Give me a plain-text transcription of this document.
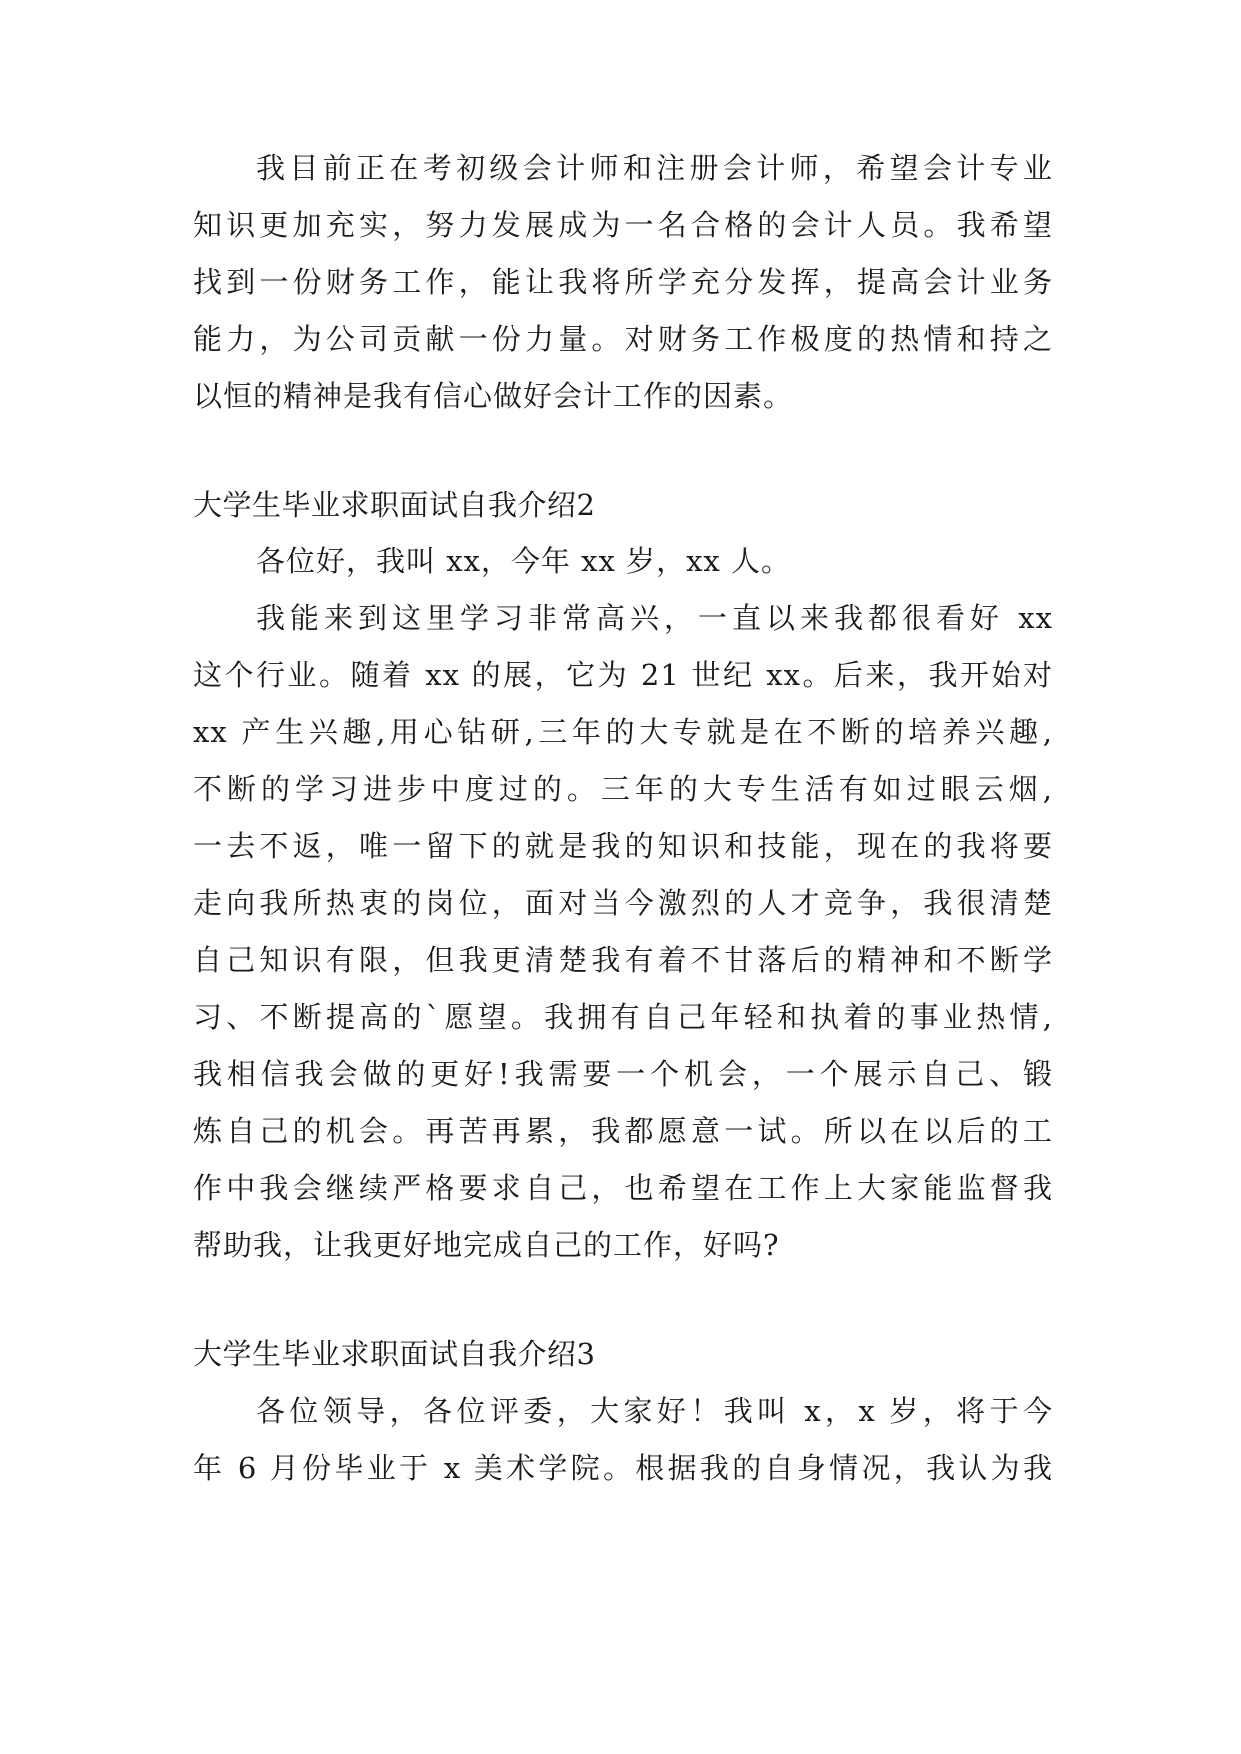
我目前正在考初级会计师和注册会计师，希望会计专业
知识更加充实，努力发展成为一名合格的会计人员。我希望
找到一份财务工作，能让我将所学充分发挥，提高会计业务
能力，为公司贡献一份力量。对财务工作极度的热情和持之
以恒的精神是我有信心做好会计工作的因素。
大学生毕业求职面试自我介绍2
各位好，我叫 xx，今年 xx 岁，xx 人。
我能来到这里学习非常高兴，一直以来我都很看好 xx
这个行业。随着 xx 的展，它为 21 世纪 xx。后来，我开始对
xx 产生兴趣,用心钻研,三年的大专就是在不断的培养兴趣,
不断的学习进步中度过的。三年的大专生活有如过眼云烟,
一去不返，唯一留下的就是我的知识和技能，现在的我将要
走向我所热衷的岗位，面对当今激烈的人才竞争，我很清楚
自己知识有限，但我更清楚我有着不甘落后的精神和不断学
习、不断提高的`愿望。我拥有自己年轻和执着的事业热情,
我相信我会做的更好!我需要一个机会，一个展示自己、锻
炼自己的机会。再苦再累，我都愿意一试。所以在以后的工
作中我会继续严格要求自己，也希望在工作上大家能监督我
帮助我，让我更好地完成自己的工作，好吗?
大学生毕业求职面试自我介绍3
各位领导，各位评委，大家好！我叫 x，x 岁，将于今
年 6 月份毕业于 x 美术学院。根据我的自身情况，我认为我
